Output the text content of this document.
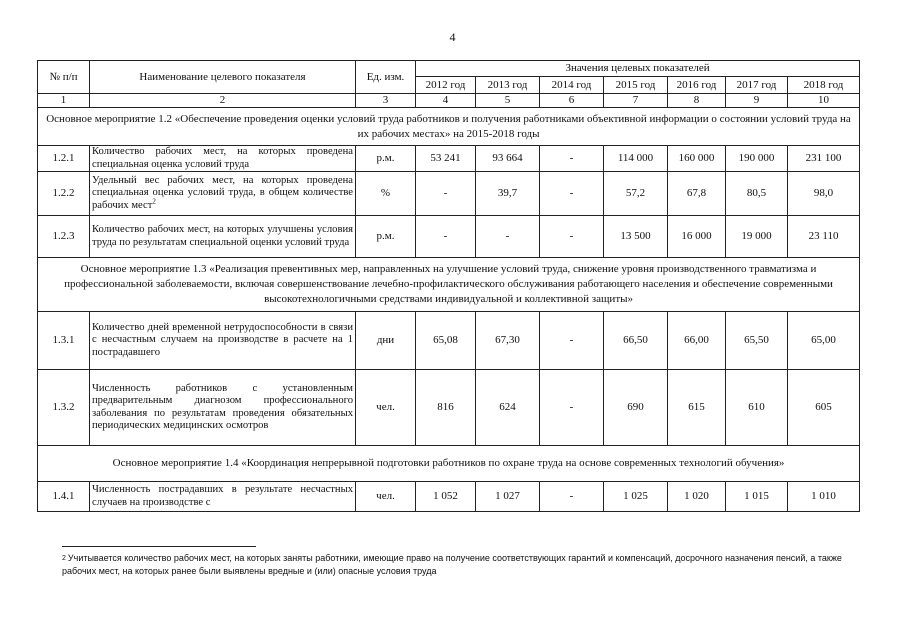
4
№ п/п	Наименование целевого показателя	Ед. изм.	Значения целевых показателей						
			2012 год	2013 год	2014 год	2015 год	2016 год	2017 год	2018 год
1	2	3	4	5	6	7	8	9	10
Основное мероприятие 1.2 «Обеспечение проведения оценки условий труда работников и получения работниками объективной информации о состоянии условий труда на их рабочих местах» на 2015-2018 годы									
1.2.1	Количество рабочих мест, на которых проведена специальная оценка условий труда	р.м.	53 241	93 664	-	114 000	160 000	190 000	231 100
1.2.2	Удельный вес рабочих мест, на которых проведена специальная оценка условий труда, в общем количестве рабочих мест$^2$	%	-	39,7	-	57,2	67,8	80,5	98,0
1.2.3	Количество рабочих мест, на которых улучшены условия труда по результатам специальной оценки условий труда	р.м.	-	-	-	13 500	16 000	19 000	23 110
Основное мероприятие 1.3 «Реализация превентивных мер, направленных на улучшение условий труда, снижение уровня производственного травматизма и профессиональной заболеваемости, включая совершенствование лечебно-профилактического обслуживания работающего населения и обеспечение современными высокотехнологичными средствами индивидуальной и коллективной защиты»									
1.3.1	Количество дней временной нетрудоспособности в связи с несчастным случаем на производстве в расчете на 1 пострадавшего	дни	65,08	67,30	-	66,50	66,00	65,50	65,00
1.3.2	Численность работников с установленным предварительным диагнозом профессионального заболевания по результатам проведения обязательных периодических медицинских осмотров	чел.	816	624	-	690	615	610	605
Основное мероприятие 1.4 «Координация непрерывной подготовки работников по охране труда на основе современных технологий обучения»									
1.4.1	Численность пострадавших в результате несчастных случаев на производстве с	чел.	1 052	1 027	-	1 025	1 020	1 015	1 010
$^2$ Учитывается количество рабочих мест, на которых заняты работники, имеющие право на получение соответствующих гарантий и компенсаций, досрочного назначения пенсий, а также рабочих мест, на которых ранее были выявлены вредные и (или) опасные условия труда
